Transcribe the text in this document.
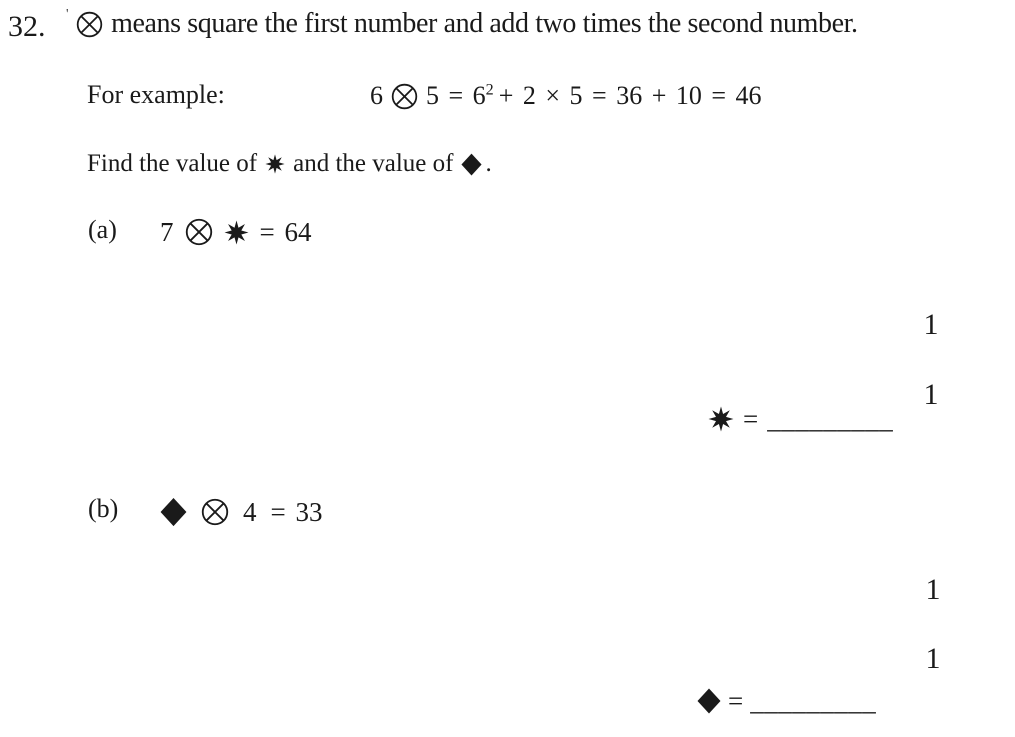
32. ' means square the first number and add two times the second number.
For example:	6 $5 = 6^2 + 2 \times 5 = 36 + 10 = 46$
Find the value of and the value of .
(a) 7	= 64
1
1
= _________
(b)	4 = 33
1
1
= _________
